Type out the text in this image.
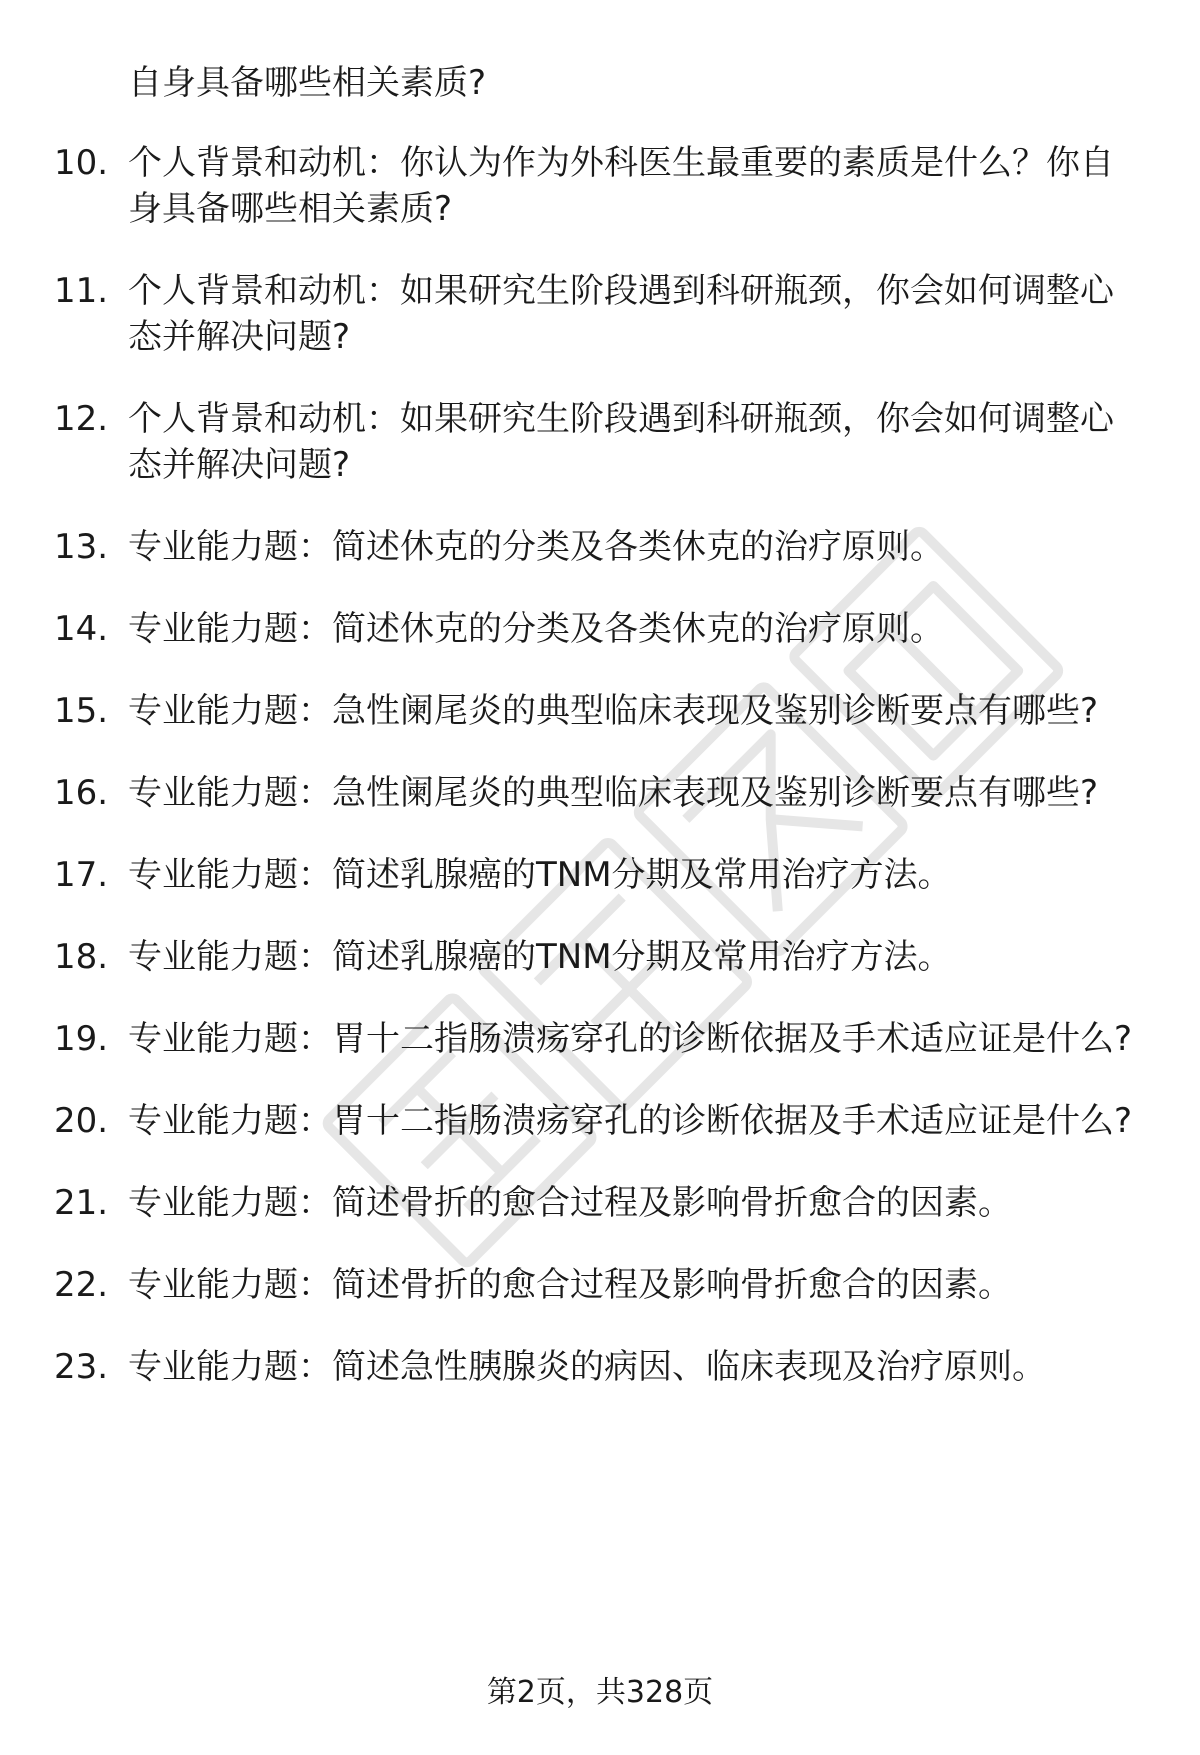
自身具备哪些相关素质?
10. 个人背景和动机：你认为作为外科医生最重要的素质是什么？你自身具备哪些相关素质?
11. 个人背景和动机：如果研究生阶段遇到科研瓶颈，你会如何调整心态并解决问题?
12. 个人背景和动机：如果研究生阶段遇到科研瓶颈，你会如何调整心态并解决问题?
13. 专业能力题：简述休克的分类及各类休克的治疗原则。
14. 专业能力题：简述休克的分类及各类休克的治疗原则。
15. 专业能力题：急性阑尾炎的典型临床表现及鉴别诊断要点有哪些?
16. 专业能力题：急性阑尾炎的典型临床表现及鉴别诊断要点有哪些?
17. 专业能力题：简述乳腺癌的TNM分期及常用治疗方法。
18. 专业能力题：简述乳腺癌的TNM分期及常用治疗方法。
19. 专业能力题：胃十二指肠溃疡穿孔的诊断依据及手术适应证是什么?
20. 专业能力题：胃十二指肠溃疡穿孔的诊断依据及手术适应证是什么?
21. 专业能力题：简述骨折的愈合过程及影响骨折愈合的因素。
22. 专业能力题：简述骨折的愈合过程及影响骨折愈合的因素。
23. 专业能力题：简述急性胰腺炎的病因、临床表现及治疗原则。
第2页，共328页
